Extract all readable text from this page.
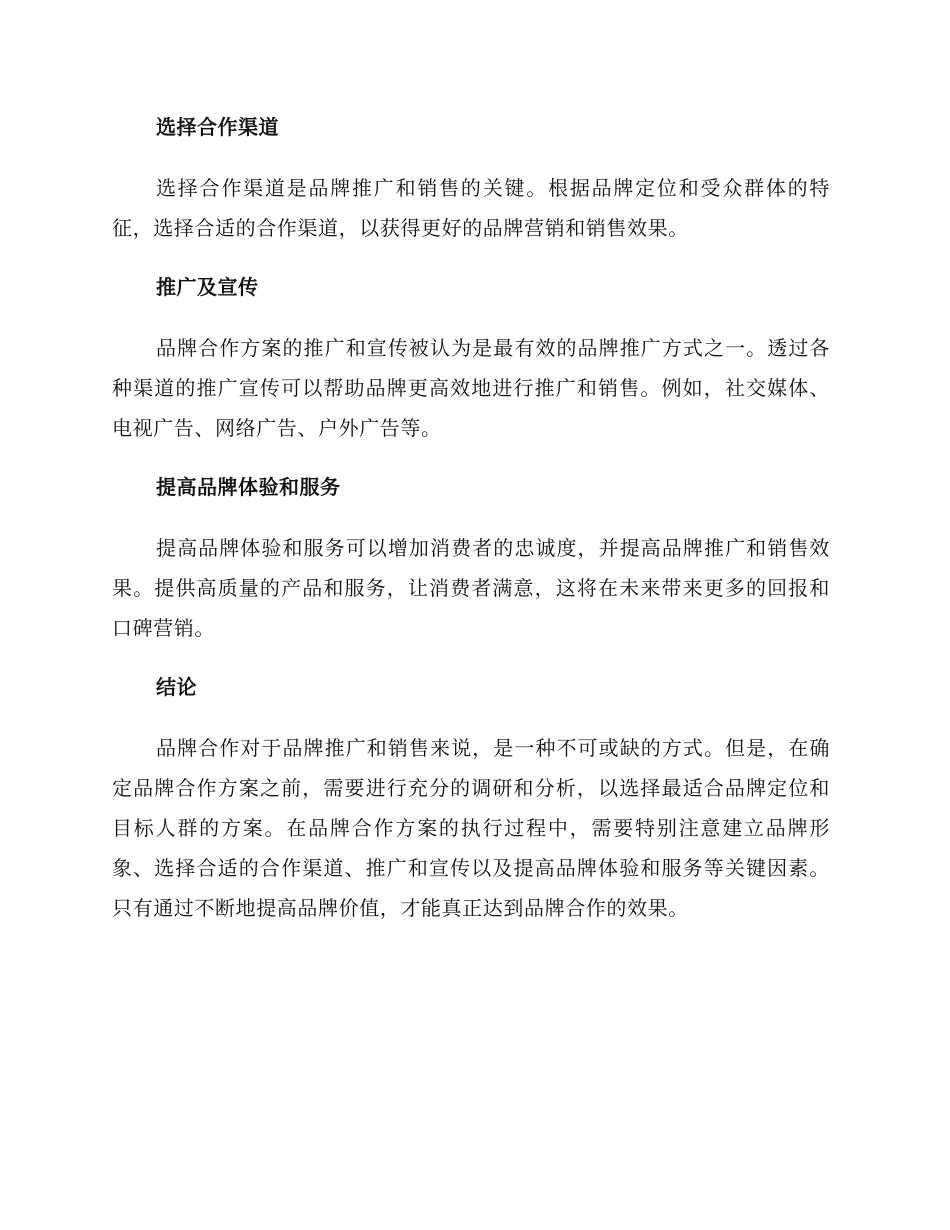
选择合作渠道

选择合作渠道是品牌推广和销售的关键。根据品牌定位和受众群体的特征，选择合适的合作渠道，以获得更好的品牌营销和销售效果。

推广及宣传

品牌合作方案的推广和宣传被认为是最有效的品牌推广方式之一。透过各种渠道的推广宣传可以帮助品牌更高效地进行推广和销售。例如，社交媒体、电视广告、网络广告、户外广告等。

提高品牌体验和服务

提高品牌体验和服务可以增加消费者的忠诚度，并提高品牌推广和销售效果。提供高质量的产品和服务，让消费者满意，这将在未来带来更多的回报和口碑营销。

结论

品牌合作对于品牌推广和销售来说，是一种不可或缺的方式。但是，在确定品牌合作方案之前，需要进行充分的调研和分析，以选择最适合品牌定位和目标人群的方案。在品牌合作方案的执行过程中，需要特别注意建立品牌形象、选择合适的合作渠道、推广和宣传以及提高品牌体验和服务等关键因素。只有通过不断地提高品牌价值，才能真正达到品牌合作的效果。
